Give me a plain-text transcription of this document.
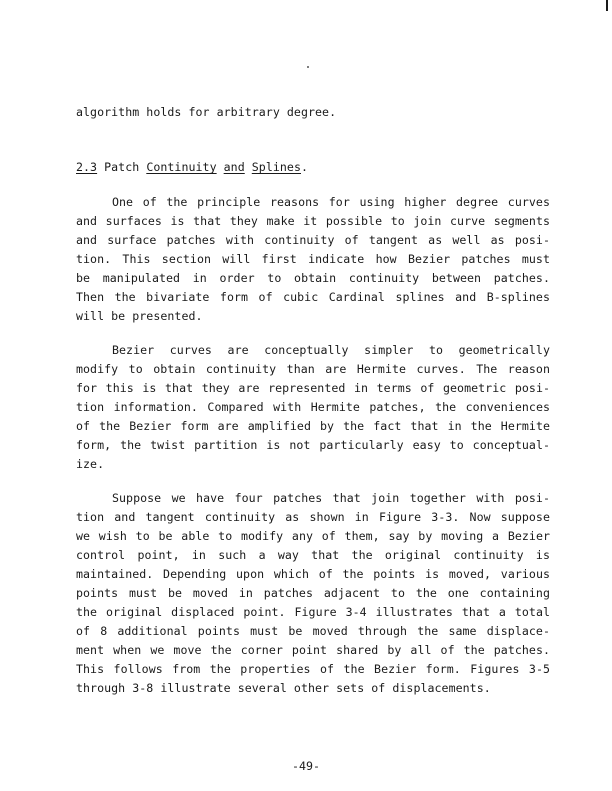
algorithm holds for arbitrary degree.
2.3 Patch Continuity and Splines.
One of the principle reasons for using higher degree curves
and surfaces is that they make it possible to join curve segments
and surface patches with continuity of tangent as well as posi-
tion. This section will first indicate how Bezier patches must
be manipulated in order to obtain continuity between patches.
Then the bivariate form of cubic Cardinal splines and B-splines
will be presented.
Bezier curves are conceptually simpler to geometrically
modify to obtain continuity than are Hermite curves. The reason
for this is that they are represented in terms of geometric posi-
tion information. Compared with Hermite patches, the conveniences
of the Bezier form are amplified by the fact that in the Hermite
form, the twist partition is not particularly easy to conceptual-
ize.
Suppose we have four patches that join together with posi-
tion and tangent continuity as shown in Figure 3-3. Now suppose
we wish to be able to modify any of them, say by moving a Bezier
control point, in such a way that the original continuity is
maintained. Depending upon which of the points is moved, various
points must be moved in patches adjacent to the one containing
the original displaced point. Figure 3-4 illustrates that a total
of 8 additional points must be moved through the same displace-
ment when we move the corner point shared by all of the patches.
This follows from the properties of the Bezier form. Figures 3-5
through 3-8 illustrate several other sets of displacements.
-49-
